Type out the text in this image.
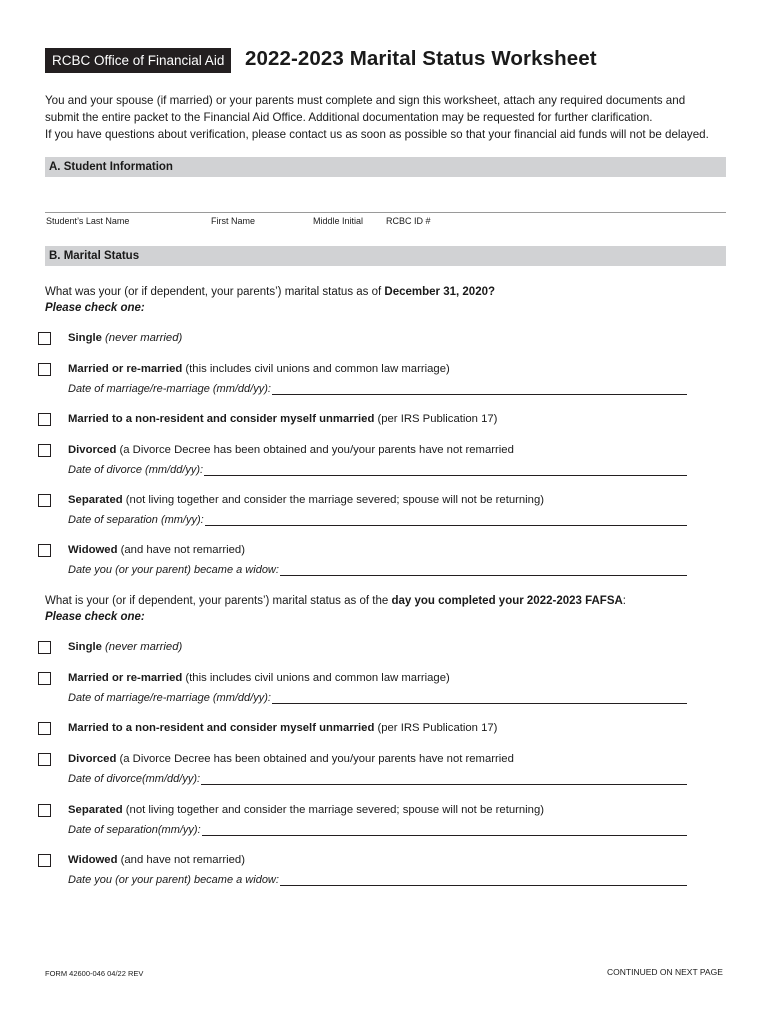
RCBC Office of Financial Aid	2022-2023 Marital Status Worksheet
You and your spouse (if married) or your parents must complete and sign this worksheet, attach any required documents and
submit the entire packet to the Financial Aid Office. Additional documentation may be requested for further clarification.
If you have questions about verification, please contact us as soon as possible so that your financial aid funds will not be delayed.
A. Student Information
Student’s Last Name	First Name	Middle Initial	RCBC ID #
B. Marital Status
What was your (or if dependent, your parents’) marital status as of December 31, 2020?
Please check one:
Single (never married)
Married or re-married (this includes civil unions and common law marriage)
Date of marriage/re-marriage (mm/dd/yy):
Married to a non-resident and consider myself unmarried (per IRS Publication 17)
Divorced (a Divorce Decree has been obtained and you/your parents have not remarried
Date of divorce (mm/dd/yy):
Separated (not living together and consider the marriage severed; spouse will not be returning)
Date of separation (mm/yy):
Widowed (and have not remarried)
Date you (or your parent) became a widow:
What is your (or if dependent, your parents’) marital status as of the day you completed your 2022-2023 FAFSA:
Please check one:
Single (never married)
Married or re-married (this includes civil unions and common law marriage)
Date of marriage/re-marriage (mm/dd/yy):
Married to a non-resident and consider myself unmarried (per IRS Publication 17)
Divorced (a Divorce Decree has been obtained and you/your parents have not remarried
Date of divorce(mm/dd/yy):
Separated (not living together and consider the marriage severed; spouse will not be returning)
Date of separation(mm/yy):
Widowed (and have not remarried)
Date you (or your parent) became a widow:
FORM 42600-046 04/22 REV	CONTINUED ON NEXT PAGE
